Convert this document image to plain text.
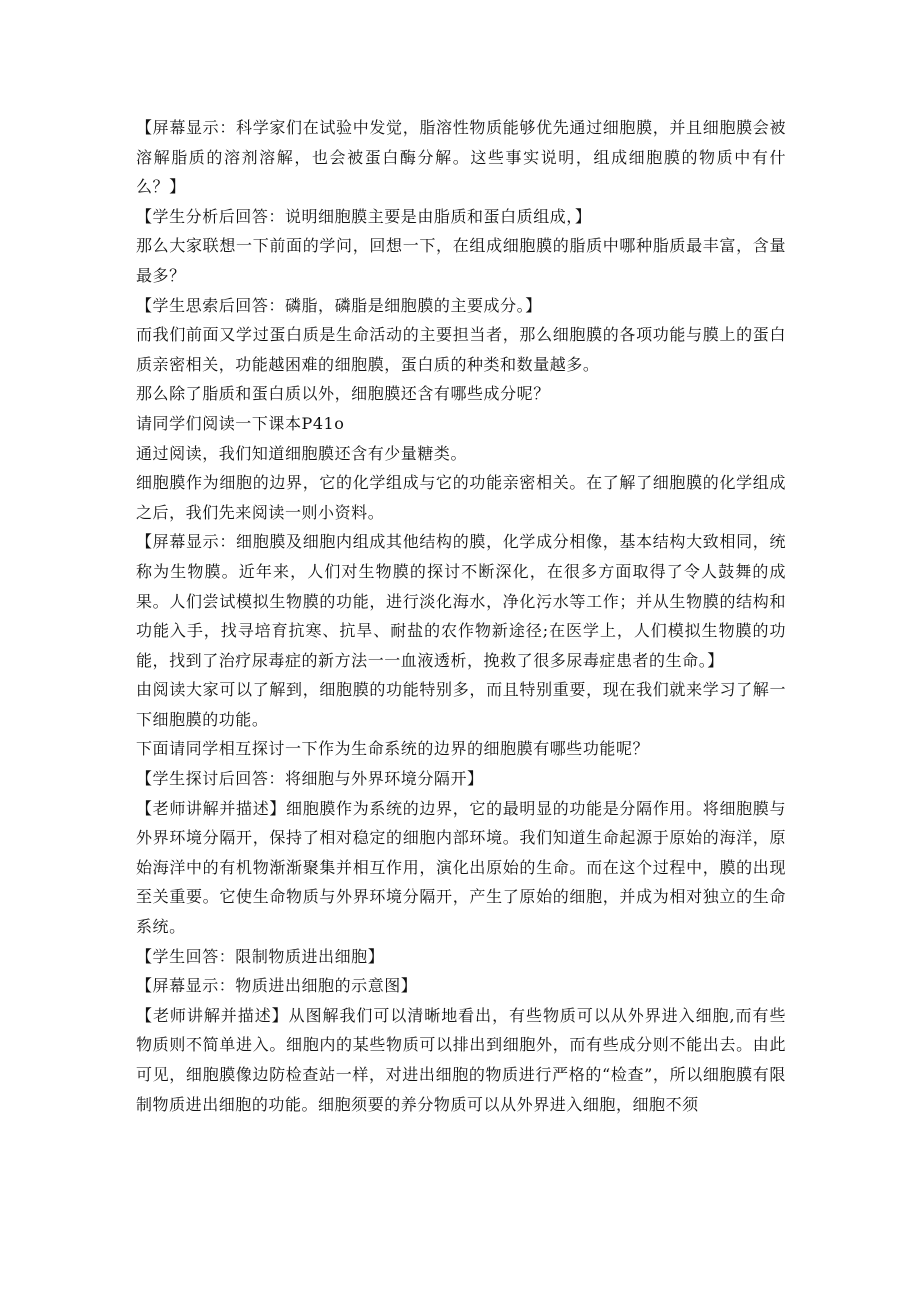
【屏幕显示：科学家们在试验中发觉，脂溶性物质能够优先通过细胞膜，并且细胞膜会被溶解脂质的溶剂溶解，也会被蛋白酶分解。这些事实说明，组成细胞膜的物质中有什么？】

【学生分析后回答：说明细胞膜主要是由脂质和蛋白质组成，】

那么大家联想一下前面的学问，回想一下，在组成细胞膜的脂质中哪种脂质最丰富，含量最多？

【学生思索后回答：磷脂，磷脂是细胞膜的主要成分。】

而我们前面又学过蛋白质是生命活动的主要担当者，那么细胞膜的各项功能与膜上的蛋白质亲密相关，功能越困难的细胞膜，蛋白质的种类和数量越多。

那么除了脂质和蛋白质以外，细胞膜还含有哪些成分呢？

请同学们阅读一下课本P41o

通过阅读，我们知道细胞膜还含有少量糖类。

细胞膜作为细胞的边界，它的化学组成与它的功能亲密相关。在了解了细胞膜的化学组成之后，我们先来阅读一则小资料。

【屏幕显示：细胞膜及细胞内组成其他结构的膜，化学成分相像，基本结构大致相同，统称为生物膜。近年来，人们对生物膜的探讨不断深化，在很多方面取得了令人鼓舞的成果。人们尝试模拟生物膜的功能，进行淡化海水，净化污水等工作；并从生物膜的结构和功能入手，找寻培育抗寒、抗旱、耐盐的农作物新途径;在医学上，人们模拟生物膜的功能，找到了治疗尿毒症的新方法一一血液透析，挽救了很多尿毒症患者的生命。】

由阅读大家可以了解到，细胞膜的功能特别多，而且特别重要，现在我们就来学习了解一下细胞膜的功能。

下面请同学相互探讨一下作为生命系统的边界的细胞膜有哪些功能呢？

【学生探讨后回答：将细胞与外界环境分隔开】

【老师讲解并描述】细胞膜作为系统的边界，它的最明显的功能是分隔作用。将细胞膜与外界环境分隔开，保持了相对稳定的细胞内部环境。我们知道生命起源于原始的海洋，原始海洋中的有机物渐渐聚集并相互作用，演化出原始的生命。而在这个过程中，膜的出现至关重要。它使生命物质与外界环境分隔开，产生了原始的细胞，并成为相对独立的生命系统。

【学生回答：限制物质进出细胞】

【屏幕显示：物质进出细胞的示意图】

【老师讲解并描述】从图解我们可以清晰地看出，有些物质可以从外界进入细胞,而有些物质则不简单进入。细胞内的某些物质可以排出到细胞外，而有些成分则不能出去。由此可见，细胞膜像边防检查站一样，对进出细胞的物质进行严格的“检查”，所以细胞膜有限制物质进出细胞的功能。细胞须要的养分物质可以从外界进入细胞，细胞不须
